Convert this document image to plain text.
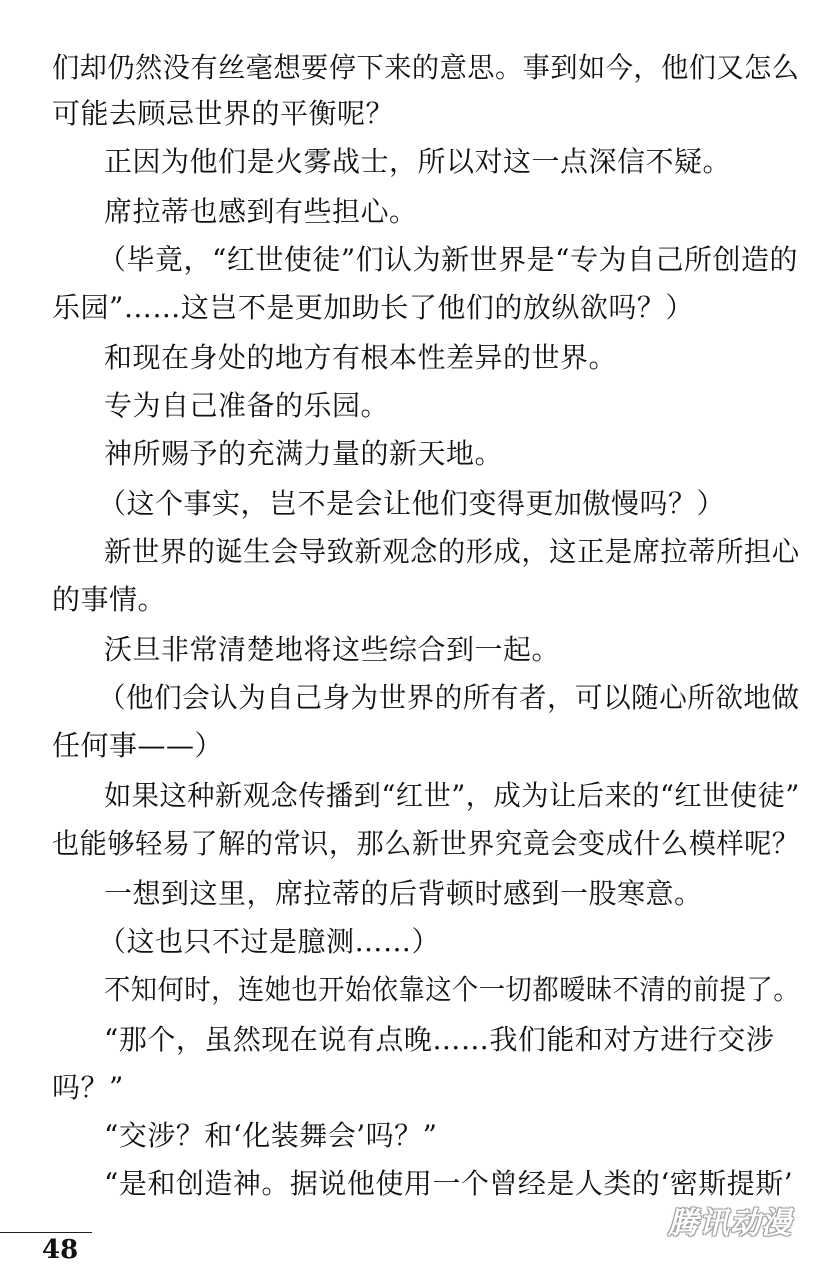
们却仍然没有丝毫想要停下来的意思。事到如今，他们又怎么
可能去顾忌世界的平衡呢？
正因为他们是火雾战士，所以对这一点深信不疑。
席拉蒂也感到有些担心。
（毕竟，“红世使徒”们认为新世界是“专为自己所创造的
乐园”……这岂不是更加助长了他们的放纵欲吗？）
和现在身处的地方有根本性差异的世界。
专为自己准备的乐园。
神所赐予的充满力量的新天地。
（这个事实，岂不是会让他们变得更加傲慢吗？）
新世界的诞生会导致新观念的形成，这正是席拉蒂所担心
的事情。
沃旦非常清楚地将这些综合到一起。
（他们会认为自己身为世界的所有者，可以随心所欲地做
任何事——）
如果这种新观念传播到“红世”，成为让后来的“红世使徒”
也能够轻易了解的常识，那么新世界究竟会变成什么模样呢？
一想到这里，席拉蒂的后背顿时感到一股寒意。
（这也只不过是臆测……）
不知何时，连她也开始依靠这个一切都暧昧不清的前提了。
“那个，虽然现在说有点晚……我们能和对方进行交涉
吗？”
“交涉？和‘化装舞会’吗？”
“是和创造神。据说他使用一个曾经是人类的‘密斯提斯’
48
腾讯动漫
